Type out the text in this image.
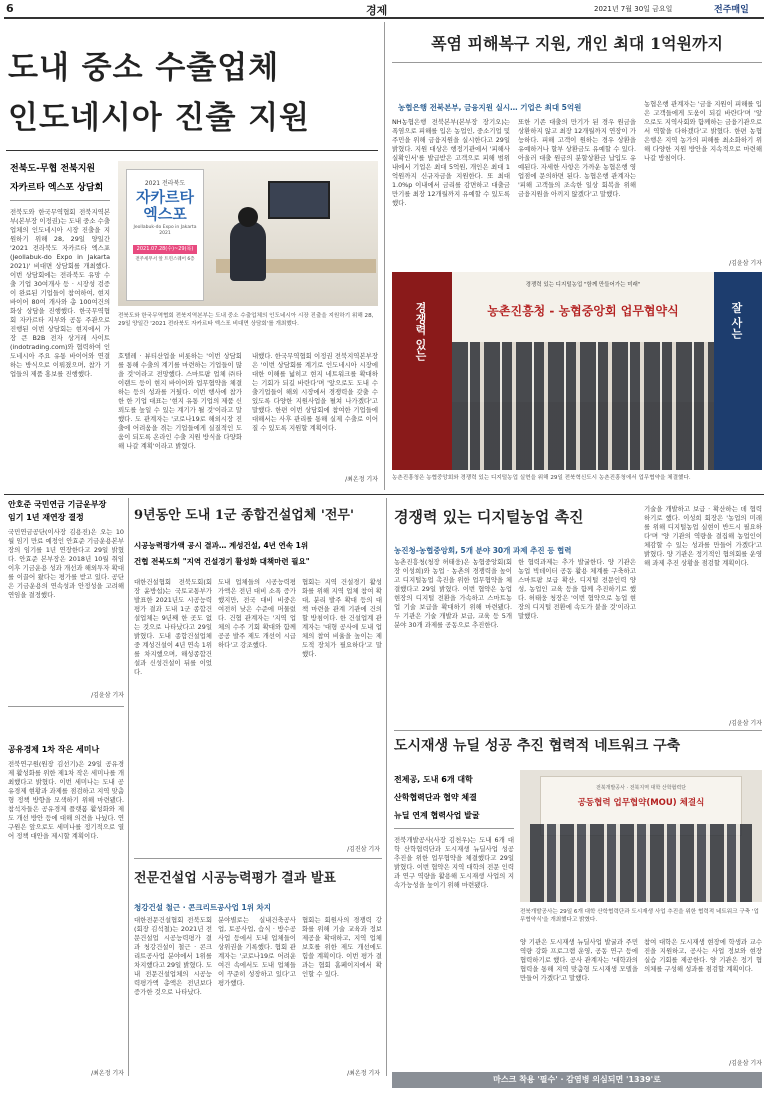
6	경제	2021년 7월 30일 금요일	전주매일
도내 중소 수출업체
인도네시아 진출 지원
전북도-무협 전북지원
자카르타 엑스포 상담회
전북도와 한국무역협회 전북지역본부(본부장 이정권)는 도내 중소 수출업체의 인도네시아 시장 진출을 지원하기 위해 28, 29일 양일간 '2021 전라북도 자카르타 엑스포(Jeollabuk-do Expo in Jakarta 2021)' 비대면 상담회를 개최했다. 이번 상담회에는 전라북도 유망 수출 기업 30여개사 등 · 시장성 검증이 완료된 기업들이 참여하여, 현지 바이어 80여 개사와 총 100여건의 화상 상담을 진행했다. 한국무역협회 자카르타 지부와 공동 주관으로 진행된 이번 상담회는 현지에서 가장 큰 B2B 전자 상거래 사이트(indotrading.com)와 협력하여 인도네시아 주요 유통 바이어와 연결하는 방식으로 이뤄졌으며, 참가 기업들의 제품 홍보를 진행했다.
2021 전라북도
자카르타 엑스포
Jeollabuk-do Expo in Jakarta 2021
2021.07.28(수)~29(목)
전주세무서 앞 트윈스퀘어 6층
전북도와 한국무역협회 전북지역본부는 도내 중소 수출업체의 인도네시아 시장 진출을 지원하기 위해 28, 29일 양일간 '2021 전라북도 자카르타 엑스포 비대면 상담회'를 개최했다.
호텔레 · 뷰티산업을 비롯하는 '이번 상담회를 통해 수출의 계기를 마련하는 기업들이 많을 것'이라고 전망했다. 스마트팜 업체 ㈜타이랜드 등이 현지 바이어와 업무협약을 체결하는 등의 성과를 거뒀다. 이번 행사에 참가한 한 기업 대표는 '현지 유통 기업의 제품 신뢰도를 높일 수 있는 계기가 될 것'이라고 말했다. 도 관계자는 '코로나19로 해외시장 진출에 어려움을 겪는 기업들에게 실질적인 도움이 되도록 온라인 수출 지원 방식을 다양화해 나갈 계획'이라고 밝혔다.
내했다. 한국무역협회 이정권 전북지역본부장은 '이번 상담회를 계기로 인도네시아 시장에 대한 이해를 넓히고 현지 네트워크를 확대하는 기회가 되길 바란다'며 '앞으로도 도내 수출기업들이 해외 시장에서 경쟁력을 갖출 수 있도록 다양한 지원사업을 펼쳐 나가겠다'고 말했다. 한편 이번 상담회에 참여한 기업들에 대해서는 사후 관리를 통해 실제 수출로 이어질 수 있도록 지원할 계획이다.
/최온정 기자
폭염 피해복구 지원, 개인 최대 1억원까지
농협은행 전북본부, 금융지원 실시… 기업은 최대 5억원
NH농협은행 전북본부(본부장 장기오)는 폭염으로 피해를 입은 농업인, 중소기업 및 주민을 위해 금융지원을 실시한다고 29일 밝혔다. 지원 대상은 행정기관에서 '피해사실확인서'를 발급받은 고객으로 피해 범위 내에서 기업은 최대 5억원, 개인은 최대 1억원까지 신규자금을 지원한다. 또 최대 1.0%p 이내에서 금리를 감면하고 대출금 만기를 최장 12개월까지 유예할 수 있도록 했다.
또한 기존 대출의 만기가 된 경우 원금을 상환하지 않고 최장 12개월까지 연장이 가능하다. 피해 고객이 원하는 경우 상환을 유예하거나 할부 상환금도 유예할 수 있다. 아울러 대출 원금의 분할상환금 납입도 유예된다. 자세한 사항은 가까운 농협은행 영업점에 문의하면 된다. 농협은행 관계자는 '피해 고객들의 조속한 일상 회복을 위해 금융지원을 아끼지 않겠다'고 말했다.
농협은행 관계자는 '금융 지원이 피해를 입은 고객들에게 도움이 되길 바란다'며 '앞으로도 지역사회와 함께하는 금융기관으로서 역할을 다하겠다'고 밝혔다. 한편 농협은행은 지역 농가의 피해를 최소화하기 위해 다양한 지원 방안을 지속적으로 마련해 나갈 방침이다.
/김윤삼 기자
경쟁력 있는	잘 사는
경쟁력 있는 디지털농업 "함께 만들어가는 미래"
농촌진흥청 - 농협중앙회 업무협약식
농촌진흥청은 농협중앙회와 경쟁력 있는 디지털농업 실현을 위해 29일 전북혁신도시 농촌진흥청에서 업무협약을 체결했다.
안호준 국민연금 기금운부장
임기 1년 재연장 결정
국민연금공단(이사장 김용진)은 오는 10월 임기 만료 예정인 안효준 기금운용본부장의 임기를 1년 연장한다고 29일 밝혔다. 안효준 본부장은 2018년 10월 취임 이후 기금운용 성과 개선과 해외투자 확대를 이끌어 왔다는 평가를 받고 있다. 공단은 기금운용의 연속성과 안정성을 고려해 연임을 결정했다.
/김윤삼 기자
공유경제 1차 작은 세미나
전북연구원(원장 김선기)은 29일 공유경제 활성화를 위한 제1차 작은 세미나를 개최했다고 밝혔다. 이번 세미나는 도내 공유경제 현황과 과제를 점검하고 지역 맞춤형 정책 방향을 모색하기 위해 마련됐다. 참석자들은 공유경제 플랫폼 활성화와 제도 개선 방안 등에 대해 의견을 나눴다. 연구원은 앞으로도 세미나를 정기적으로 열어 정책 대안을 제시할 계획이다.
/최온정 기자
9년동안 도내 1군 종합건설업체 '전무'
시공능력평가액 공시 결과… 계성건설, 4년 연속 1위
건협 전북도회 "지역 건설경기 활성화 대책마련 필요"
대한건설협회 전북도회(회장 윤방섭)는 국토교통부가 발표한 2021년도 시공능력평가 결과 도내 1군 종합건설업체는 9년째 한 곳도 없는 것으로 나타났다고 29일 밝혔다. 도내 종합건설업체 중 계성건설이 4년 연속 1위를 차지했으며, 해성종합건설과 신성건설이 뒤를 이었다.
도내 업체들의 시공능력평가액은 전년 대비 소폭 증가했지만, 전국 대비 비중은 여전히 낮은 수준에 머물렀다. 건협 관계자는 '지역 업체의 수주 기회 확대와 함께 공공 발주 제도 개선이 시급하다'고 강조했다.
협회는 지역 건설경기 활성화를 위해 지역 업체 참여 확대, 분리 발주 확대 등의 대책 마련을 관계 기관에 건의할 방침이다. 한 건설업계 관계자는 '대형 공사에 도내 업체의 참여 비율을 높이는 제도적 장치가 필요하다'고 말했다.
/김진삼 기자
전문건설업 시공능력평가 결과 발표
청강건설 철근 · 콘크리트공사업 1위 차지
대한전문건설협회 전북도회(회장 김석철)는 2021년 전문건설업 시공능력평가 결과 청강건설이 철근 · 콘크리트공사업 분야에서 1위를 차지했다고 29일 밝혔다. 도내 전문건설업체의 시공능력평가액 총액은 전년보다 증가한 것으로 나타났다.
분야별로는 실내건축공사업, 토공사업, 습식 · 방수공사업 등에서 도내 업체들이 상위권을 기록했다. 협회 관계자는 '코로나19로 어려운 여건 속에서도 도내 업체들이 꾸준히 성장하고 있다'고 평가했다.
협회는 회원사의 경쟁력 강화를 위해 기술 교육과 정보 제공을 확대하고, 지역 업체 보호를 위한 제도 개선에도 힘쓸 계획이다. 이번 평가 결과는 협회 홈페이지에서 확인할 수 있다.
/최온정 기자
경쟁력 있는 디지털농업 촉진
농진청-농협중앙회, 5개 분야 30개 과제 추진 등 협력
농촌진흥청(청장 허태웅)은 농협중앙회(회장 이성희)와 농업 · 농촌의 경쟁력을 높이고 디지털농업 촉진을 위한 업무협약을 체결했다고 29일 밝혔다. 이번 협약은 농업 현장의 디지털 전환을 가속하고 스마트농업 기술 보급을 확대하기 위해 마련됐다. 두 기관은 기술 개발과 보급, 교육 등 5개 분야 30개 과제를 공동으로 추진한다.
한 협력과제는 추가 발굴한다. 양 기관은 농업 빅데이터 공동 활용 체계를 구축하고 스마트팜 보급 확산, 디지털 전문인력 양성, 농업인 교육 등을 함께 추진하기로 했다. 허태웅 청장은 '이번 협약으로 농업 현장의 디지털 전환에 속도가 붙을 것'이라고 말했다.
기술을 개발하고 보급 · 확산하는 데 협력하기로 했다. 이성희 회장은 '농업의 미래를 위해 디지털농업 실현이 반드시 필요하다'며 '양 기관의 역량을 결집해 농업인이 체감할 수 있는 성과를 만들어 가겠다'고 밝혔다. 양 기관은 정기적인 협의회를 운영해 과제 추진 상황을 점검할 계획이다.
/김윤삼 기자
도시재생 뉴딜 성공 추진 협력적 네트워크 구축
전제공, 도내 6개 대학
산학협력단과 협약 체결
뉴딜 연계 협력사업 발굴
전북개발공사(사장 김천우)는 도내 6개 대학 산학협력단과 도시재생 뉴딜사업 성공 추진을 위한 업무협약을 체결했다고 29일 밝혔다. 이번 협약은 지역 대학의 전문 인력과 연구 역량을 활용해 도시재생 사업의 지속가능성을 높이기 위해 마련됐다.
전북개발공사 · 전북지역 대학 산학협력단
공동협력 업무협약(MOU) 체결식
전북개발공사는 29일 6개 대학 산학협력단과 도시재생 사업 추진을 위한 협력적 네트워크 구축 '업무협약식'을 개최했다고 밝혔다.
양 기관은 도시재생 뉴딜사업 발굴과 주민 역량 강화 프로그램 운영, 공동 연구 등에 협력하기로 했다. 공사 관계자는 '대학과의 협력을 통해 지역 맞춤형 도시재생 모델을 만들어 가겠다'고 말했다.
참여 대학은 도시재생 현장에 학생과 교수진을 지원하고, 공사는 사업 정보와 현장 실습 기회를 제공한다. 양 기관은 정기 협의체를 구성해 성과를 점검할 계획이다.
/김윤삼 기자
마스크 착용 '필수' · 감염병 의심되면 '1339'로
